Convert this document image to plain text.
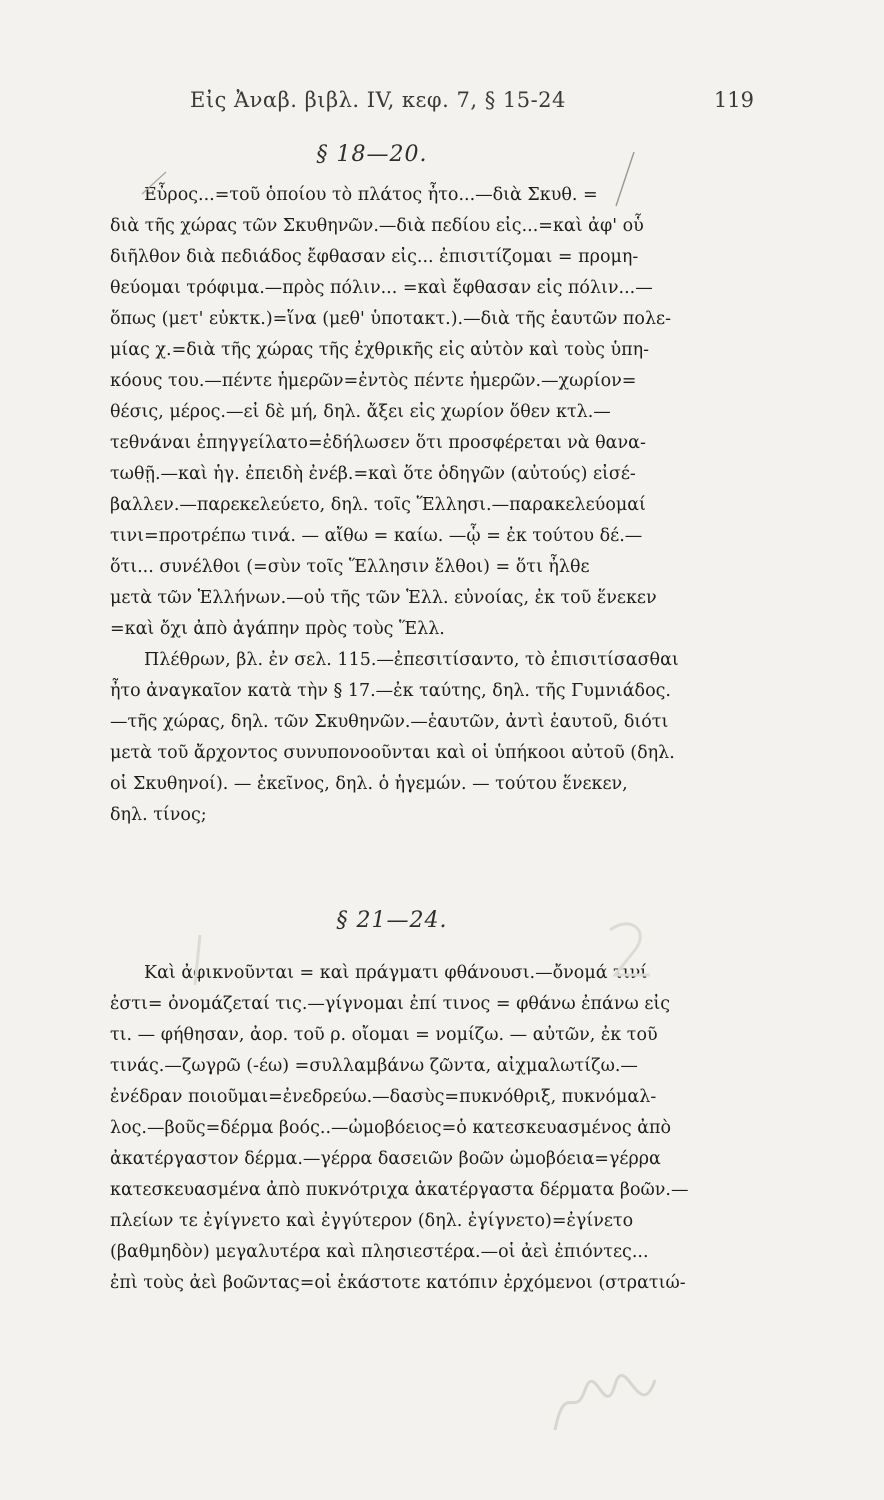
Εἰς Ἀναβ. βιβλ. IV, κεφ. 7, § 15-24	119
§ 18—20.
Εὖρος...=τοῦ ὁποίου τὸ πλάτος ἦτο...—διὰ Σκυθ. =
διὰ τῆς χώρας τῶν Σκυθηνῶν.—διὰ πεδίου εἰς...=καὶ ἀφ' οὗ
διῆλθον διὰ πεδιάδος ἔφθασαν εἰς... ἐπισιτίζομαι = προμη-
θεύομαι τρόφιμα.—πρὸς πόλιν... =καὶ ἔφθασαν εἰς πόλιν...—
ὅπως (μετ' εὐκτκ.)=ἵνα (μεθ' ὑποτακτ.).—διὰ τῆς ἑαυτῶν πολε-
μίας χ.=διὰ τῆς χώρας τῆς ἐχθρικῆς εἰς αὐτὸν καὶ τοὺς ὑπη-
κόους του.—πέντε ἡμερῶν=ἐντὸς πέντε ἡμερῶν.—χωρίον=
θέσις, μέρος.—εἰ δὲ μή, δηλ. ἄξει εἰς χωρίον ὅθεν κτλ.—
τεθνάναι ἐπηγγείλατο=ἐδήλωσεν ὅτι προσφέρεται νὰ θανα-
τωθῇ.—καὶ ἡγ. ἐπειδὴ ἐνέβ.=καὶ ὅτε ὁδηγῶν (αὐτούς) εἰσέ-
βαλλεν.—παρεκελεύετο, δηλ. τοῖς Ἕλλησι.—παρακελεύομαί
τινι=προτρέπω τινά. — αἴθω = καίω. —ᾧ = ἐκ τούτου δέ.—
ὅτι... συνέλθοι (=σὺν τοῖς Ἕλλησιν ἔλθοι) = ὅτι ἦλθε
μετὰ τῶν Ἑλλήνων.—οὐ τῆς τῶν Ἑλλ. εὐνοίας, ἐκ τοῦ ἕνεκεν
=καὶ ὄχι ἀπὸ ἀγάπην πρὸς τοὺς Ἕλλ.
Πλέθρων, βλ. ἐν σελ. 115.—ἐπεσιτίσαντο, τὸ ἐπισιτίσασθαι
ἦτο ἀναγκαῖον κατὰ τὴν § 17.—ἐκ ταύτης, δηλ. τῆς Γυμνιάδος.
—τῆς χώρας, δηλ. τῶν Σκυθηνῶν.—ἑαυτῶν, ἀντὶ ἑαυτοῦ, διότι
μετὰ τοῦ ἄρχοντος συνυπονοοῦνται καὶ οἱ ὑπήκοοι αὐτοῦ (δηλ.
οἱ Σκυθηνοί). — ἐκεῖνος, δηλ. ὁ ἡγεμών. — τούτου ἕνεκεν,
δηλ. τίνος;
§ 21—24.
Καὶ ἀφικνοῦνται = καὶ πράγματι φθάνουσι.—ὄνομά τινί
ἐστι= ὀνομάζεταί τις.—γίγνομαι ἐπί τινος = φθάνω ἐπάνω εἰς
τι. — φήθησαν, ἀορ. τοῦ ρ. οἴομαι = νομίζω. — αὐτῶν, ἐκ τοῦ
τινάς.—ζωγρῶ (-έω) =συλλαμβάνω ζῶντα, αἰχμαλωτίζω.—
ἐνέδραν ποιοῦμαι=ἐνεδρεύω.—δασὺς=πυκνόθριξ, πυκνόμαλ-
λος.—βοῦς=δέρμα βοός..—ὠμοβόειος=ὁ κατεσκευασμένος ἀπὸ
ἀκατέργαστον δέρμα.—γέρρα δασειῶν βοῶν ὠμοβόεια=γέρρα
κατεσκευασμένα ἀπὸ πυκνότριχα ἀκατέργαστα δέρματα βοῶν.—
πλείων τε ἐγίγνετο καὶ ἐγγύτερον (δηλ. ἐγίγνετο)=ἐγίνετο
(βαθμηδὸν) μεγαλυτέρα καὶ πλησιεστέρα.—οἱ ἀεὶ ἐπιόντες...
ἐπὶ τοὺς ἀεὶ βοῶντας=οἱ ἑκάστοτε κατόπιν ἐρχόμενοι (στρατιώ-
